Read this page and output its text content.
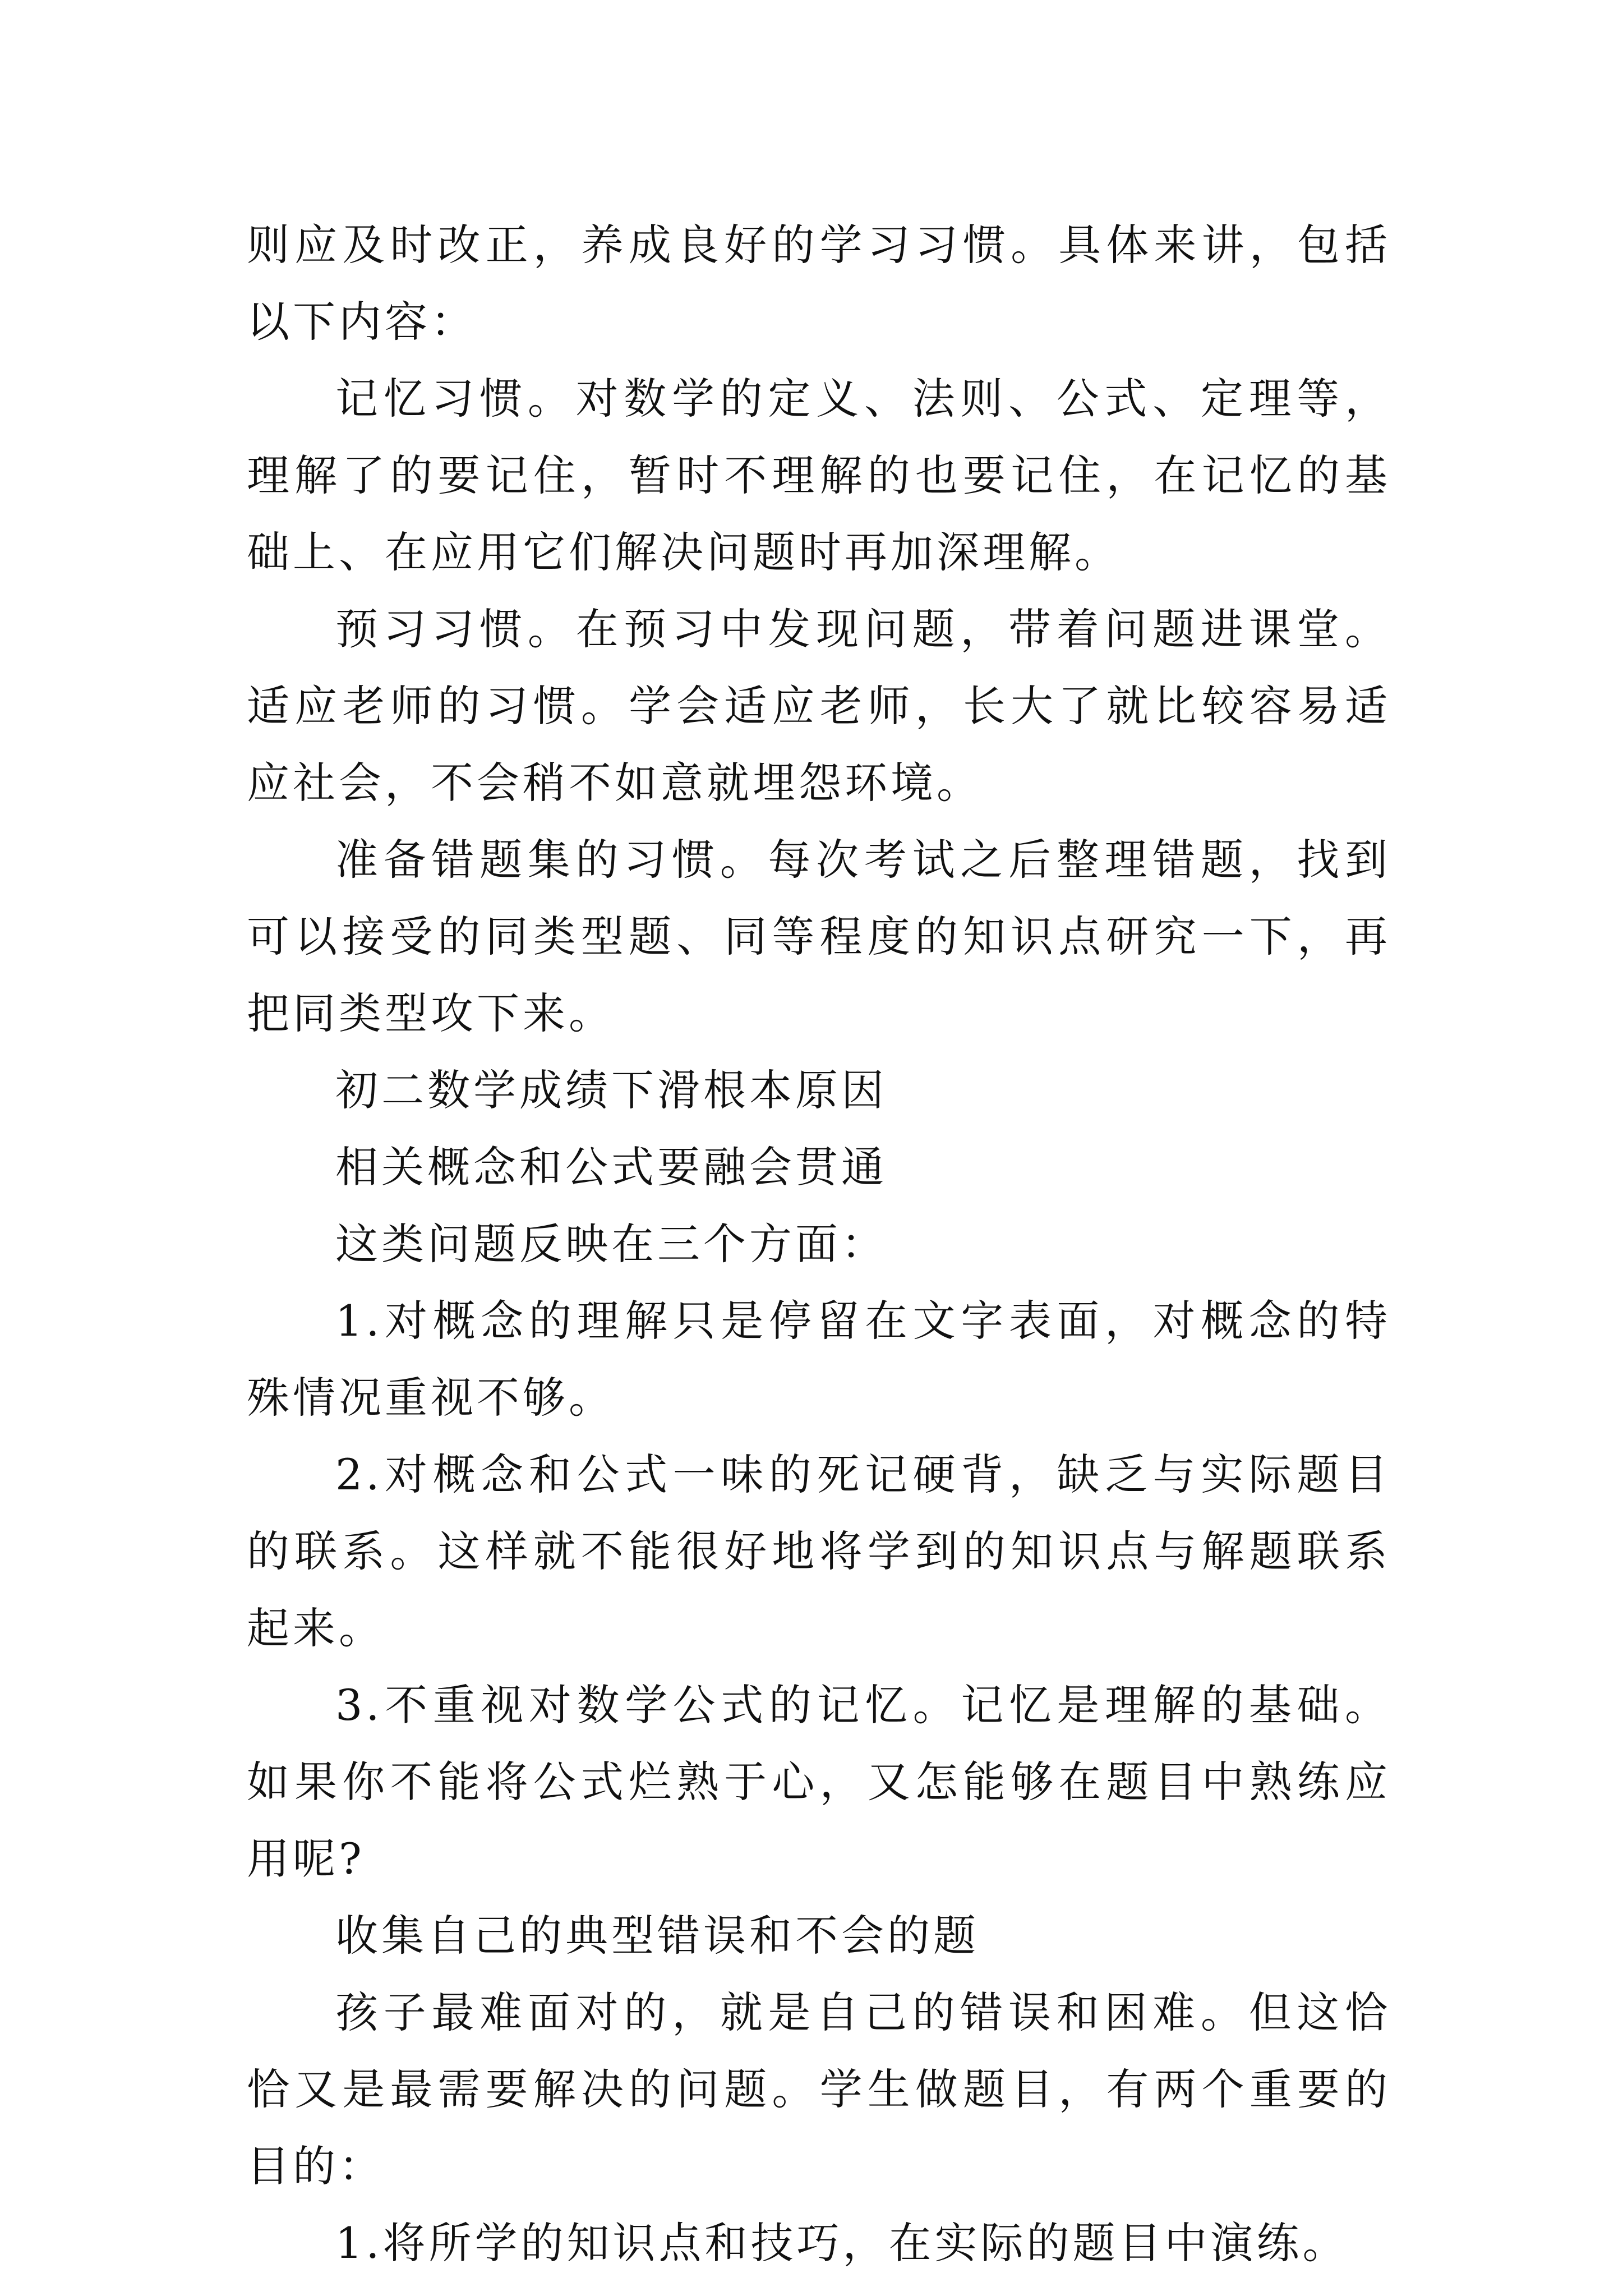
则应及时改正，养成良好的学习习惯。具体来讲，包括以下内容：

记忆习惯。对数学的定义、法则、公式、定理等，理解了的要记住，暂时不理解的也要记住，在记忆的基础上、在应用它们解决问题时再加深理解。

预习习惯。在预习中发现问题，带着问题进课堂。适应老师的习惯。学会适应老师，长大了就比较容易适应社会，不会稍不如意就埋怨环境。

准备错题集的习惯。每次考试之后整理错题，找到可以接受的同类型题、同等程度的知识点研究一下，再把同类型攻下来。

初二数学成绩下滑根本原因

相关概念和公式要融会贯通

这类问题反映在三个方面：

1.对概念的理解只是停留在文字表面，对概念的特殊情况重视不够。

2.对概念和公式一味的死记硬背，缺乏与实际题目的联系。这样就不能很好地将学到的知识点与解题联系起来。

3.不重视对数学公式的记忆。记忆是理解的基础。如果你不能将公式烂熟于心，又怎能够在题目中熟练应用呢?

收集自己的典型错误和不会的题

孩子最难面对的，就是自己的错误和困难。但这恰恰又是最需要解决的问题。学生做题目，有两个重要的目的：

1.将所学的知识点和技巧，在实际的题目中演练。
